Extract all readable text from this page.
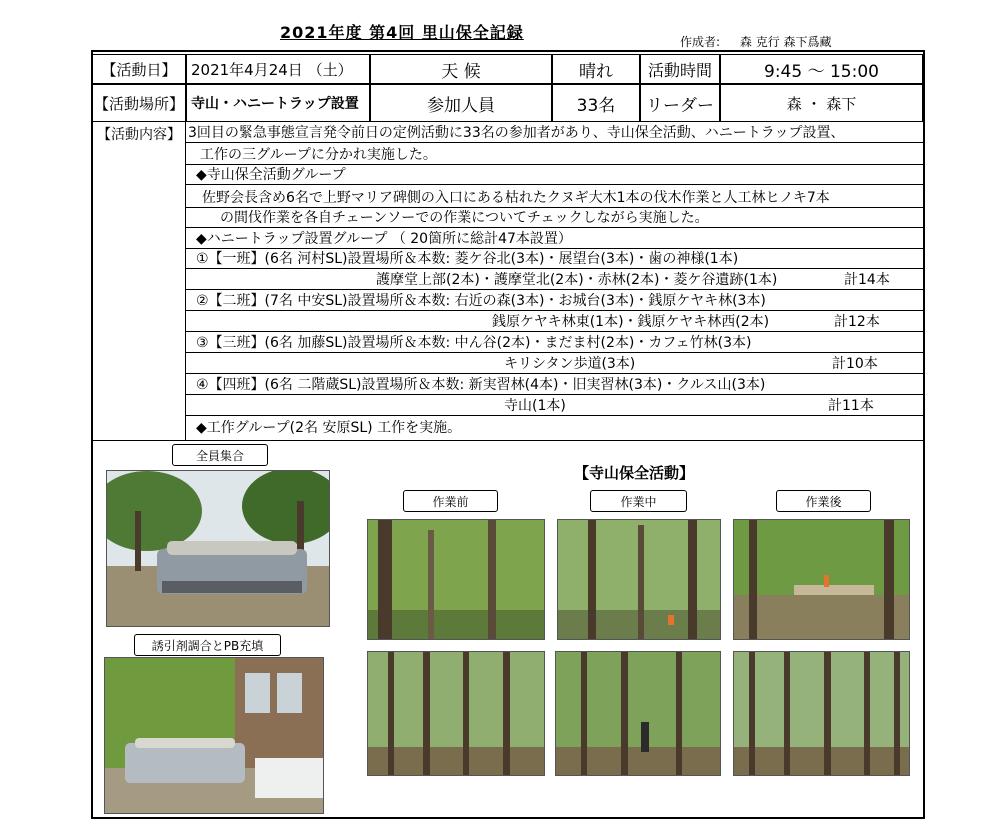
2021年度 第4回 里山保全記録	作成者: 森 克行 森下爲藏
【活動日】 2021年4月24日 （土）	天 候	晴れ	活動時間	9:45 〜 15:00
【活動場所】 寺山・ハニートラップ設置	参加人員	33名	リーダー	森 ・ 森下
【活動内容】 3回目の緊急事態宣言発令前日の定例活動に33名の参加者があり、寺山保全活動、ハニートラップ設置、
工作の三グループに分かれ実施した。
◆寺山保全活動グループ
佐野会長含め6名で上野マリア碑側の入口にある枯れたクヌギ大木1本の伐木作業と人工林ヒノキ7本
の間伐作業を各自チェーンソーでの作業についてチェックしながら実施した。
◆ハニートラップ設置グループ （ 20箇所に総計47本設置）
①【一班】(6名 河村SL)設置場所＆本数: 菱ケ谷北(3本)・展望台(3本)・歯の神様(1本)
護摩堂上部(2本)・護摩堂北(2本)・赤林(2本)・菱ケ谷遺跡(1本)	計14本
②【二班】(7名 中安SL)設置場所＆本数: 右近の森(3本)・お城台(3本)・銭原ケヤキ林(3本)
銭原ケヤキ林東(1本)・銭原ケヤキ林西(2本)	計12本
③【三班】(6名 加藤SL)設置場所＆本数: 中ん谷(2本)・まだま村(2本)・カフェ竹林(3本)
キリシタン歩道(3本)	計10本
④【四班】(6名 二階蔵SL)設置場所＆本数: 新実習林(4本)・旧実習林(3本)・クルス山(3本)
寺山(1本)	計11本
◆工作グループ(2名 安原SL) 工作を実施。
全員集合
【寺山保全活動】
作業前	作業中	作業後
誘引剤調合とPB充填
